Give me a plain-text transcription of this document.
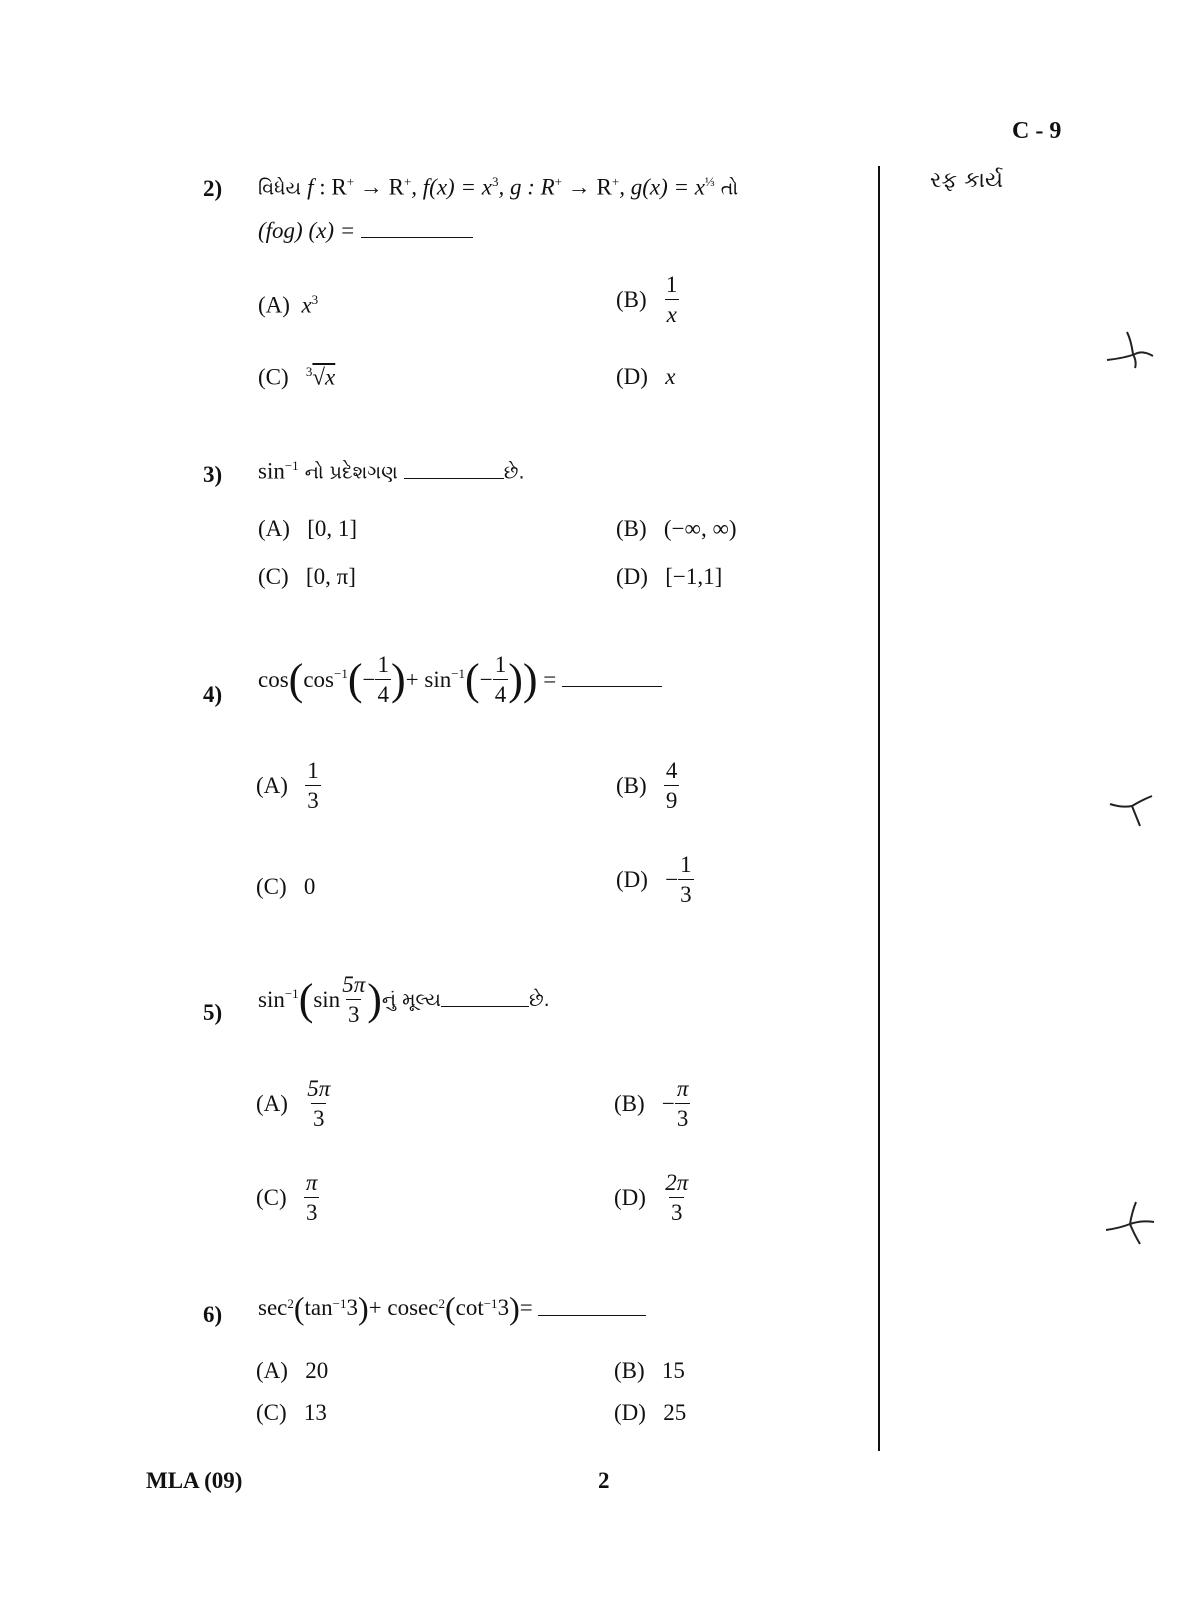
C - 9
રફ કાર્ય
MLA (09)	2
2) વિધેય f : R+ → R+, $f(x) = x^3$, g : R+ → R+, $g(x) = x^{\frac{1}{3}}$ તો
(fog) (x) =
(A) $x^3$	$(B) \frac{1}{x}$
(C) $^3$√x	(D) x
3) $\sin^{-1}$ નો પ્રદેશગણ	છે.
(A) [0, 1]	(B) (−∞, ∞)
(C) [0, π]	(D) [−1,1]
4)
cos ( $\cos^{-1}$ ( − $\frac{1}{4}$ ) + $\sin^{-1}$ ( − $\frac{1}{4}$ ) )
=

$(A) \frac{1}{3}$	$(B) \frac{4}{9}$
(C) 0	$(D) - \frac{1}{3}$
5)
$\sin^{-1}$ ( $\sin \frac{5\pi}{3}$ ) નું મૂલ્ય	છે.
$(A) \frac{5\pi}{3}$	$(B) - \frac{\pi}{3}$
$(C) \frac{\pi}{3}$	$(D) \frac{2\pi}{3}$
6) sec 2 ( tan −1 3 ) + cosec 2 ( cot −1 3 ) =

(A) 20	(B) 15
(C) 13	(D) 25
